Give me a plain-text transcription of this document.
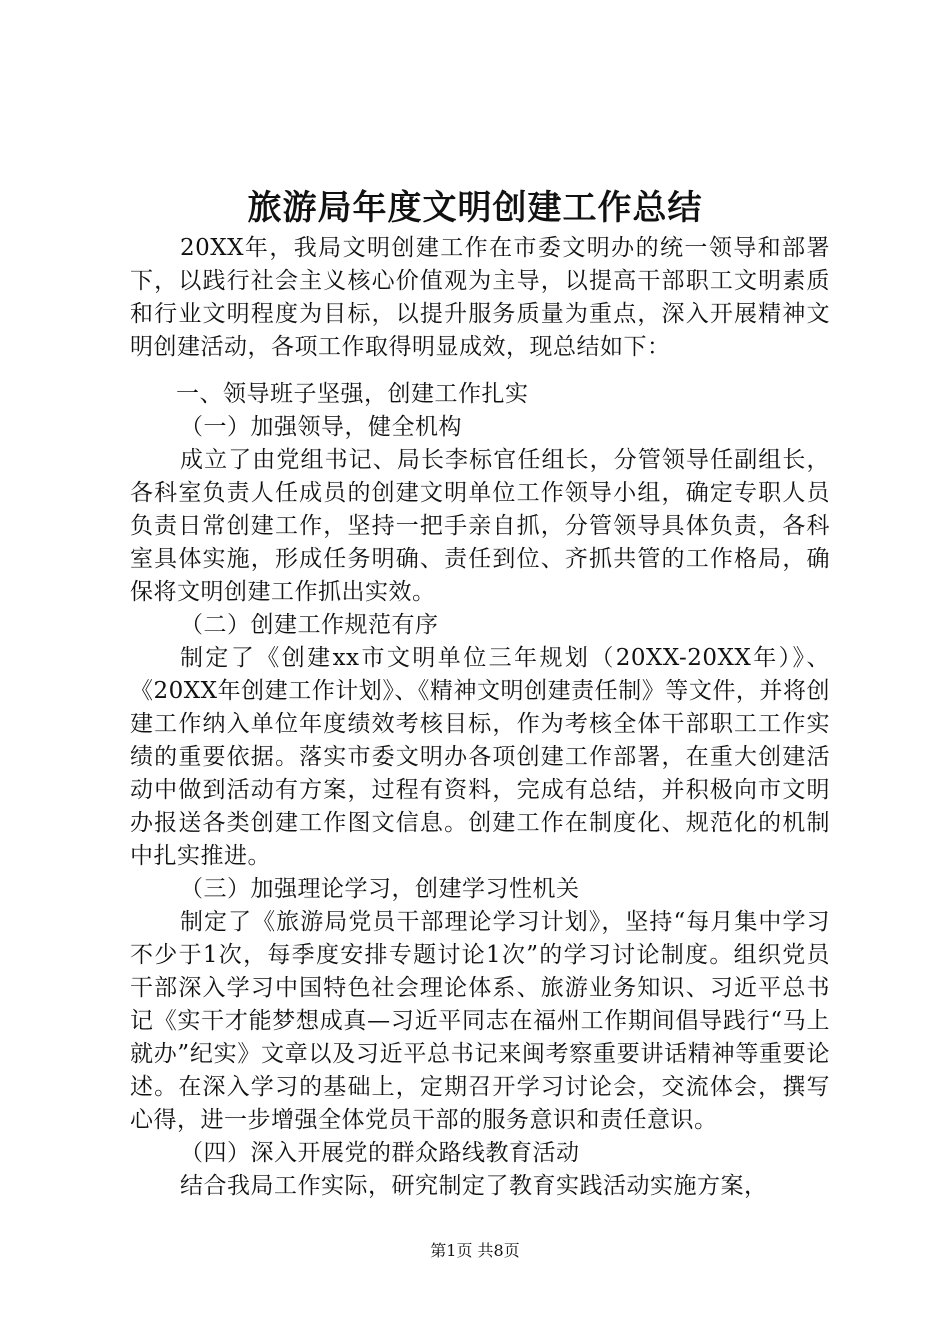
旅游局年度文明创建工作总结

20XX年，我局文明创建工作在市委文明办的统一领导和部署下，以践行社会主义核心价值观为主导，以提高干部职工文明素质和行业文明程度为目标，以提升服务质量为重点，深入开展精神文明创建活动，各项工作取得明显成效，现总结如下：

一、领导班子坚强，创建工作扎实

（一）加强领导，健全机构

成立了由党组书记、局长李标官任组长，分管领导任副组长，各科室负责人任成员的创建文明单位工作领导小组，确定专职人员负责日常创建工作，坚持一把手亲自抓，分管领导具体负责，各科室具体实施，形成任务明确、责任到位、齐抓共管的工作格局，确保将文明创建工作抓出实效。

（二）创建工作规范有序

制定了《创建xx市文明单位三年规划（20XX-20XX年）》、《20XX年创建工作计划》、《精神文明创建责任制》等文件，并将创建工作纳入单位年度绩效考核目标，作为考核全体干部职工工作实绩的重要依据。落实市委文明办各项创建工作部署，在重大创建活动中做到活动有方案，过程有资料，完成有总结，并积极向市文明办报送各类创建工作图文信息。创建工作在制度化、规范化的机制中扎实推进。

（三）加强理论学习，创建学习性机关

制定了《旅游局党员干部理论学习计划》，坚持“每月集中学习不少于1次，每季度安排专题讨论1次”的学习讨论制度。组织党员干部深入学习中国特色社会理论体系、旅游业务知识、习近平总书记《实干才能梦想成真—习近平同志在福州工作期间倡导践行“马上就办”纪实》文章以及习近平总书记来闽考察重要讲话精神等重要论述。在深入学习的基础上，定期召开学习讨论会，交流体会，撰写心得，进一步增强全体党员干部的服务意识和责任意识。

（四）深入开展党的群众路线教育活动

结合我局工作实际，研究制定了教育实践活动实施方案，

第1页 共8页
